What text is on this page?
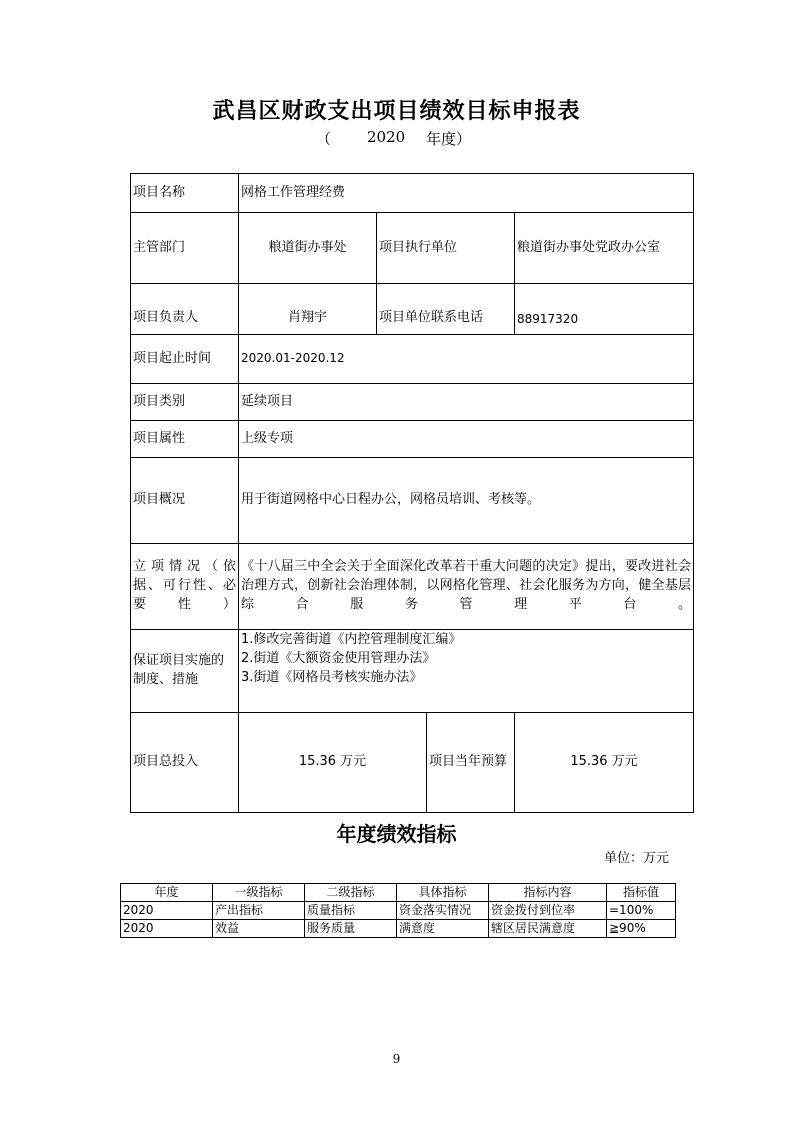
武昌区财政支出项目绩效目标申报表
（ 2020 年度）
项目名称	网格工作管理经费			
主管部门	粮道街办事处	项目执行单位		粮道街办事处党政办公室
项目负责人	肖翔宇	项目单位联系电话		88917320
项目起止时间	2020.01-2020.12			
项目类别	延续项目			
项目属性	上级专项			
项目概况	用于街道网格中心日程办公，网格员培训、考核等。			
立项情况（依据、可行性、必要性）	《十八届三中全会关于全面深化改革若干重大问题的决定》提出，要改进社会治理方式，创新社会治理体制，以网格化管理、社会化服务为方向，健全基层综合服务管理平台。			
保证项目实施的制度、措施	1.修改完善街道《内控管理制度汇编》
2.街道《大额资金使用管理办法》
3.街道《网格员考核实施办法》			

项目总投入	15.36 万元		项目当年预算	15.36 万元
年度绩效指标
单位：万元
年度	一级指标	二级指标	具体指标	指标内容	指标值
2020	产出指标	质量指标	资金落实情况	资金拨付到位率	=100%
2020	效益	服务质量	满意度	辖区居民满意度	≧90%
9
